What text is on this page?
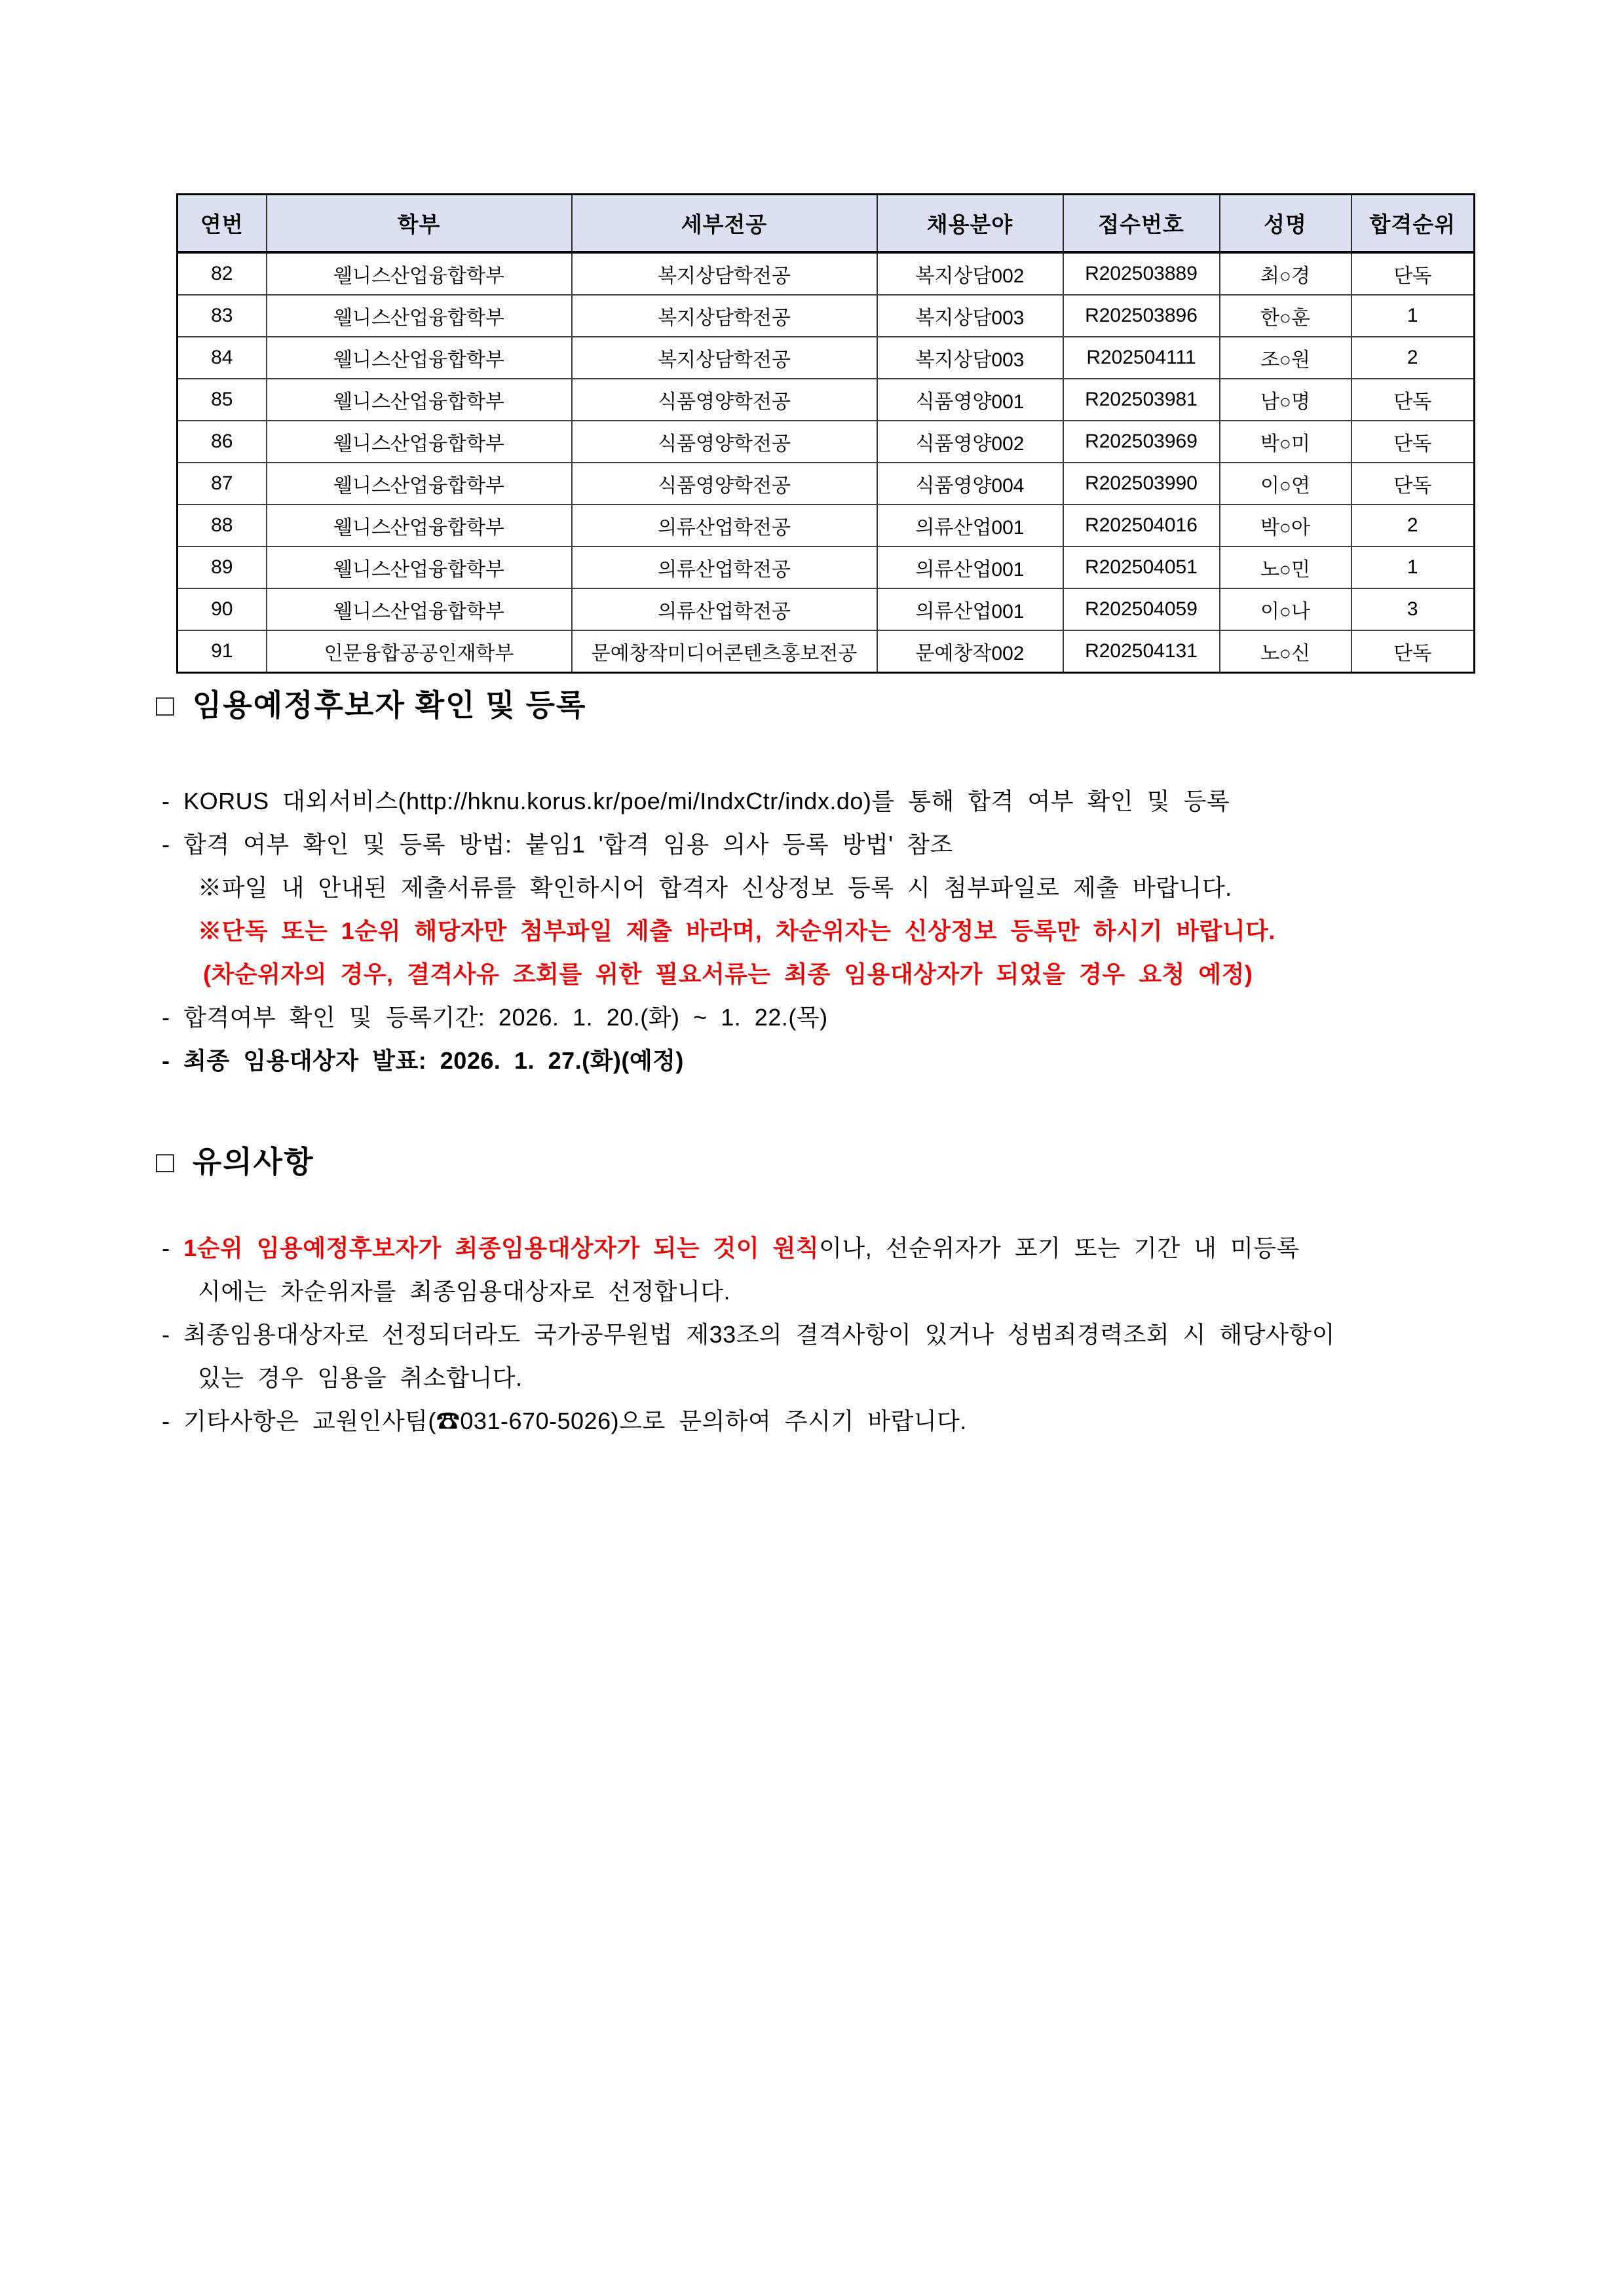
연번	학부	세부전공	채용분야	접수번호	성명	합격순위
82	웰니스산업융합학부	복지상담학전공	복지상담002	R202503889	최○경	단독
83	웰니스산업융합학부	복지상담학전공	복지상담003	R202503896	한○훈	1
84	웰니스산업융합학부	복지상담학전공	복지상담003	R202504111	조○원	2
85	웰니스산업융합학부	식품영양학전공	식품영양001	R202503981	남○명	단독
86	웰니스산업융합학부	식품영양학전공	식품영양002	R202503969	박○미	단독
87	웰니스산업융합학부	식품영양학전공	식품영양004	R202503990	이○연	단독
88	웰니스산업융합학부	의류산업학전공	의류산업001	R202504016	박○아	2
89	웰니스산업융합학부	의류산업학전공	의류산업001	R202504051	노○민	1
90	웰니스산업융합학부	의류산업학전공	의류산업001	R202504059	이○나	3
91	인문융합공공인재학부	문예창작미디어콘텐츠홍보전공	문예창작002	R202504131	노○신	단독
□ 임용예정후보자 확인 및 등록
- KORUS 대외서비스(http://hknu.korus.kr/poe/mi/IndxCtr/indx.do)를 통해 합격 여부 확인 및 등록
- 합격 여부 확인 및 등록 방법: 붙임1 '합격 임용 의사 등록 방법' 참조
※파일 내 안내된 제출서류를 확인하시어 합격자 신상정보 등록 시 첨부파일로 제출 바랍니다.
※단독 또는 1순위 해당자만 첨부파일 제출 바라며, 차순위자는 신상정보 등록만 하시기 바랍니다.
(차순위자의 경우, 결격사유 조회를 위한 필요서류는 최종 임용대상자가 되었을 경우 요청 예정)
- 합격여부 확인 및 등록기간: 2026. 1. 20.(화) ~ 1. 22.(목)
- 최종 임용대상자 발표: 2026. 1. 27.(화)(예정)
□ 유의사항
- 1순위 임용예정후보자가 최종임용대상자가 되는 것이 원칙이나, 선순위자가 포기 또는 기간 내 미등록
시에는 차순위자를 최종임용대상자로 선정합니다.
- 최종임용대상자로 선정되더라도 국가공무원법 제33조의 결격사항이 있거나 성범죄경력조회 시 해당사항이
있는 경우 임용을 취소합니다.
- 기타사항은 교원인사팀(☎031-670-5026)으로 문의하여 주시기 바랍니다.
